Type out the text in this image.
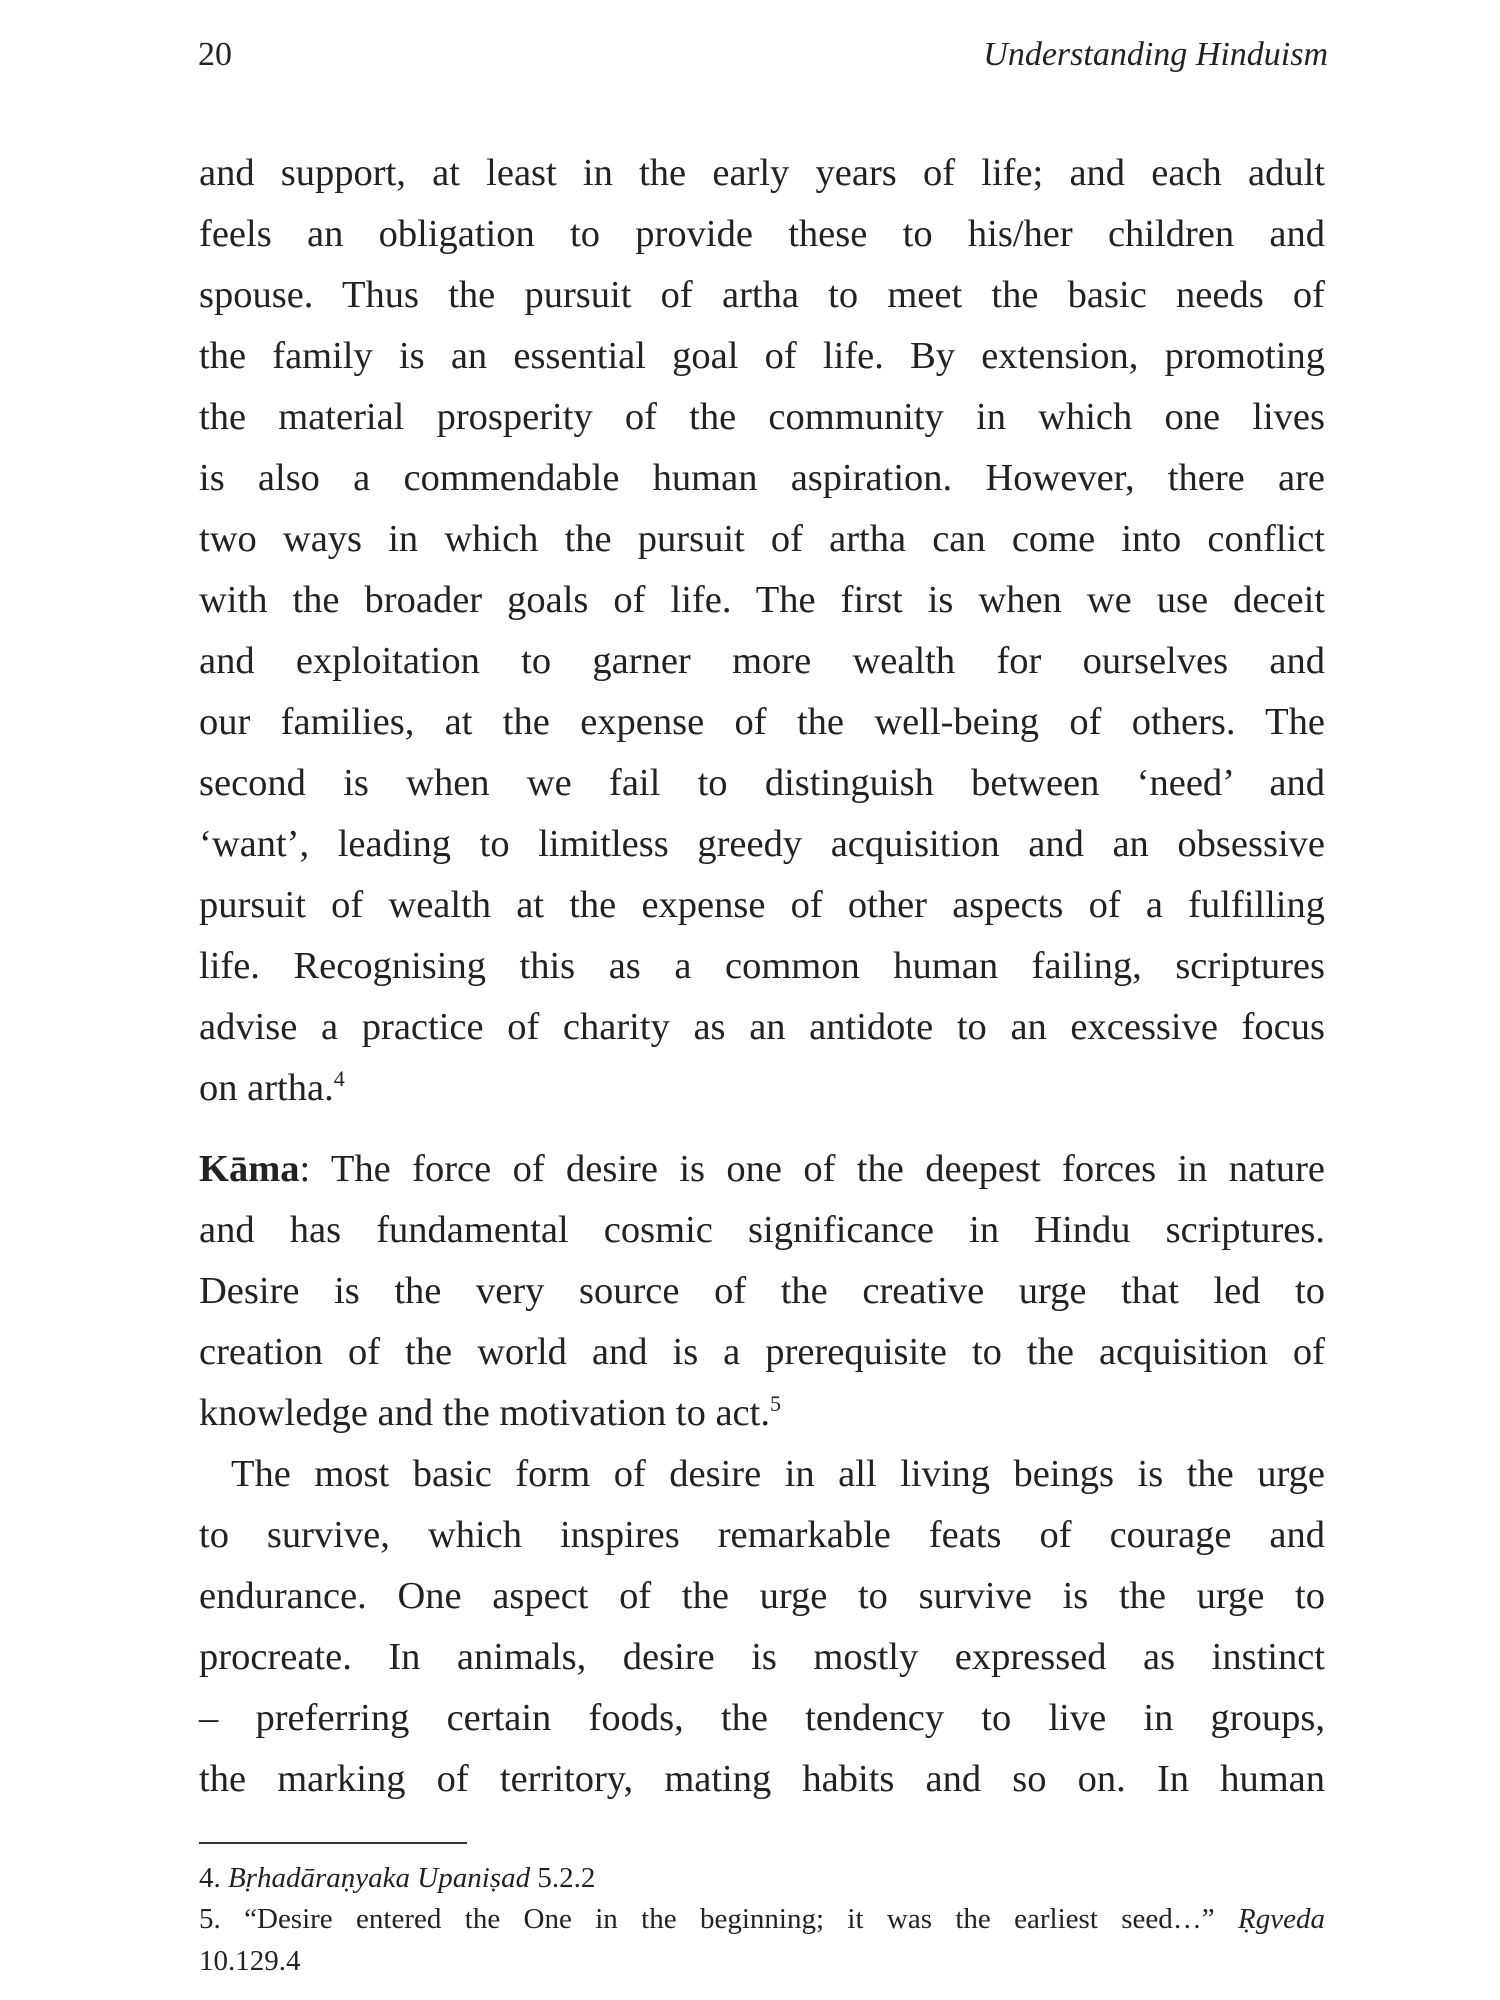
20	Understanding Hinduism
and support, at least in the early years of life; and each adult
feels an obligation to provide these to his/her children and
spouse. Thus the pursuit of artha to meet the basic needs of
the family is an essential goal of life. By extension, promoting
the material prosperity of the community in which one lives
is also a commendable human aspiration. However, there are
two ways in which the pursuit of artha can come into conflict
with the broader goals of life. The first is when we use deceit
and exploitation to garner more wealth for ourselves and
our families, at the expense of the well-being of others. The
second is when we fail to distinguish between ‘need’ and
‘want’, leading to limitless greedy acquisition and an obsessive
pursuit of wealth at the expense of other aspects of a fulfilling
life. Recognising this as a common human failing, scriptures
advise a practice of charity as an antidote to an excessive focus
on artha.$^4$
Kāma: The force of desire is one of the deepest forces in nature
and has fundamental cosmic significance in Hindu scriptures.
Desire is the very source of the creative urge that led to
creation of the world and is a prerequisite to the acquisition of
knowledge and the motivation to act.$^5$
The most basic form of desire in all living beings is the urge
to survive, which inspires remarkable feats of courage and
endurance. One aspect of the urge to survive is the urge to
procreate. In animals, desire is mostly expressed as instinct
– preferring certain foods, the tendency to live in groups,
the marking of territory, mating habits and so on. In human
4. Bṛhadāraṇyaka Upaniṣad 5.2.2
5. “Desire entered the One in the beginning; it was the earliest seed…” Ṛgveda
10.129.4
